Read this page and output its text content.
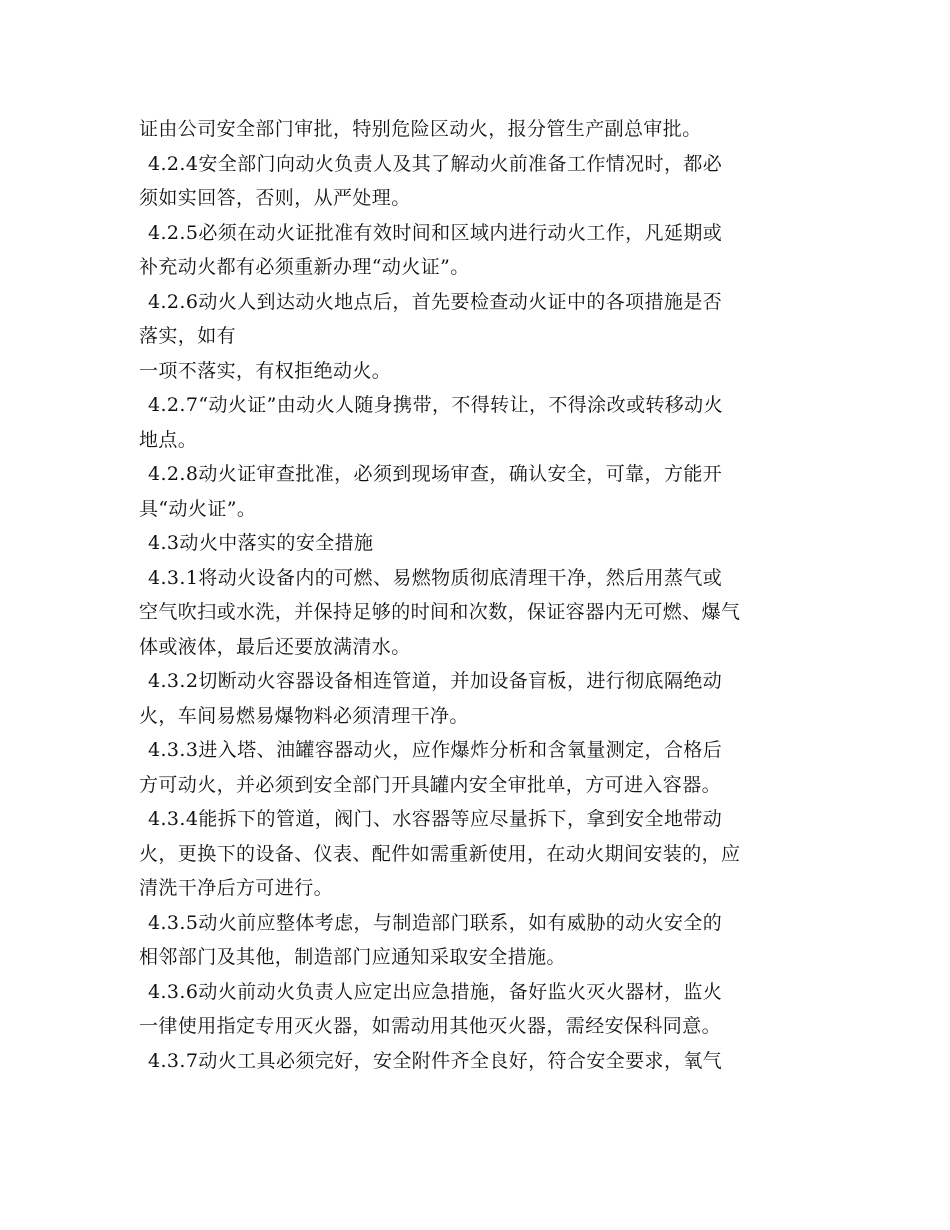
证由公司安全部门审批，特别危险区动火，报分管生产副总审批。
4.2.4安全部门向动火负责人及其了解动火前准备工作情况时，都必
须如实回答，否则，从严处理。
4.2.5必须在动火证批准有效时间和区域内进行动火工作，凡延期或
补充动火都有必须重新办理“动火证”。
4.2.6动火人到达动火地点后，首先要检查动火证中的各项措施是否
落实，如有
一项不落实，有权拒绝动火。
4.2.7“动火证”由动火人随身携带，不得转让，不得涂改或转移动火
地点。
4.2.8动火证审查批准，必须到现场审查，确认安全，可靠，方能开
具“动火证”。
4.3动火中落实的安全措施
4.3.1将动火设备内的可燃、易燃物质彻底清理干净，然后用蒸气或
空气吹扫或水洗，并保持足够的时间和次数，保证容器内无可燃、爆气
体或液体，最后还要放满清水。
4.3.2切断动火容器设备相连管道，并加设备盲板，进行彻底隔绝动
火，车间易燃易爆物料必须清理干净。
4.3.3进入塔、油罐容器动火，应作爆炸分析和含氧量测定，合格后
方可动火，并必须到安全部门开具罐内安全审批单，方可进入容器。
4.3.4能拆下的管道，阀门、水容器等应尽量拆下，拿到安全地带动
火，更换下的设备、仪表、配件如需重新使用，在动火期间安装的，应
清洗干净后方可进行。
4.3.5动火前应整体考虑，与制造部门联系，如有威胁的动火安全的
相邻部门及其他，制造部门应通知采取安全措施。
4.3.6动火前动火负责人应定出应急措施，备好监火灭火器材，监火
一律使用指定专用灭火器，如需动用其他灭火器，需经安保科同意。
4.3.7动火工具必须完好，安全附件齐全良好，符合安全要求，氧气
